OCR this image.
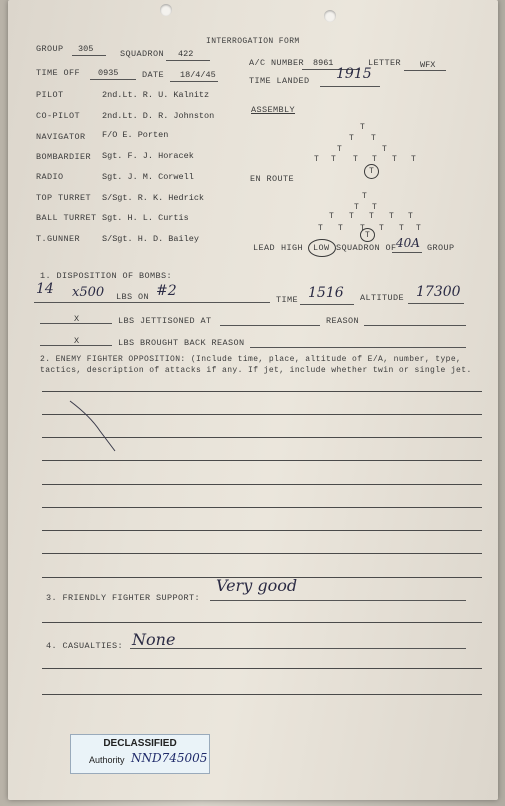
INTERROGATION FORM
GROUP 305	SQUADRON 422
A/C NUMBER 8961	LETTER WFX
TIME OFF 0935	DATE 18/4/45
TIME LANDED 1915
ASSEMBLY
PILOT	2nd.Lt. R. U. Kalnitz
CO-PILOT	2nd.Lt. D. R. Johnston
NAVIGATOR F/O E. Porten
BOMBARDIER Sgt. F. J. Horacek
RADIO	Sgt. J. M. Corwell
TOP TURRET S/Sgt. R. K. Hedrick
BALL TURRET Sgt. H. L. Curtis
T.GUNNER	S/Sgt. H. D. Bailey
EN ROUTE
T
T T
T	T
T T T T T T
T
T
T T
T T T T T
T T T T T T
T
LEAD HIGH LOW SQUADRON OF 40A GROUP
1. DISPOSITION OF BOMBS:
14 x500 LBS ON #2
TIME 1516 ALTITUDE 17300
X	LBS JETTISONED AT	REASON
X	LBS BROUGHT BACK REASON
2. ENEMY FIGHTER OPPOSITION: (Include time, place, altitude of E/A, number, type,
tactics, description of attacks if any. If jet, include whether twin or single jet.
3. FRIENDLY FIGHTER SUPPORT:
Very good
4. CASUALTIES: None
DECLASSIFIED
Authority NND745005
